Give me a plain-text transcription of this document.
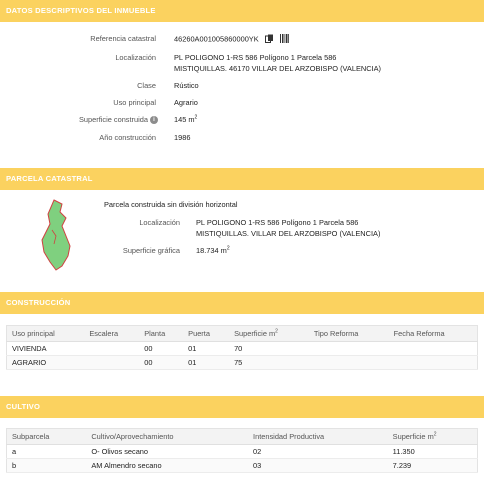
DATOS DESCRIPTIVOS DEL INMUEBLE
Referencia catastral 46260A001005860000YK
Localización PL POLIGONO 1-RS 586 Polígono 1 Parcela 586
MISTIQUILLAS. 46170 VILLAR DEL ARZOBISPO (VALENCIA)
Clase Rústico
Uso principal Agrario
Superficie construida i	145 $m^2$
Año construcción 1986
PARCELA CATASTRAL
Parcela construida sin división horizontal
Localización PL POLIGONO 1-RS 586 Polígono 1 Parcela 586
MISTIQUILLAS. VILLAR DEL ARZOBISPO (VALENCIA)
Superficie gráfica 18.734 $m^2$
CONSTRUCCIÓN
Uso principal	Escalera	Planta	Puerta	Superficie $m^2$	Tipo Reforma	Fecha Reforma
VIVIENDA		00	01	70		
AGRARIO		00	01	75		
CULTIVO
Subparcela	Cultivo/Aprovechamiento	Intensidad Productiva	Superficie $m^2$
a	O- Olivos secano	02	11.350
b	AM Almendro secano	03	7.239
